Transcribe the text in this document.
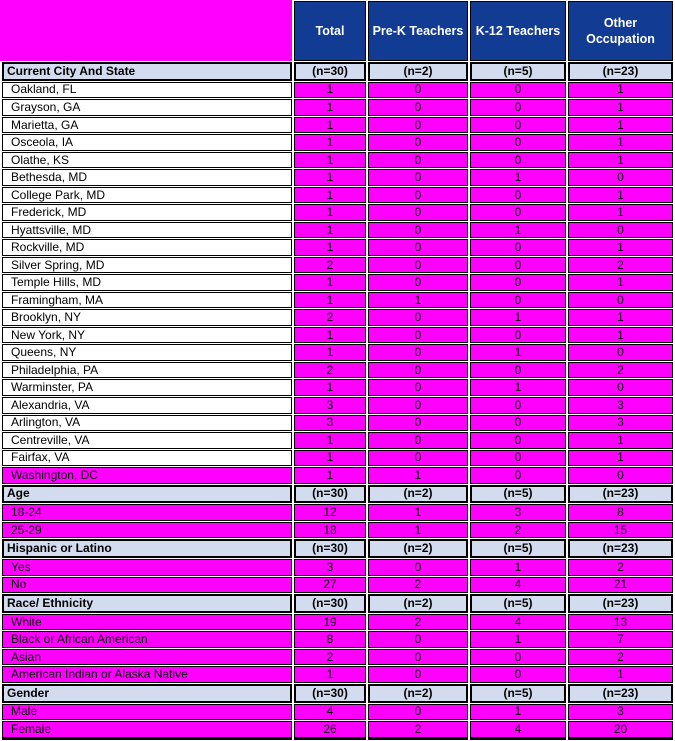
	Total	Pre-K Teachers	K-12 Teachers	Other Occupation
Current City And State	(n=30)	(n=2)	(n=5)	(n=23)
Oakland, FL	1	0	0	1
Grayson, GA	1	0	0	1
Marietta, GA	1	0	0	1
Osceola, IA	1	0	0	1
Olathe, KS	1	0	0	1
Bethesda, MD	1	0	1	0
College Park, MD	1	0	0	1
Frederick, MD	1	0	0	1
Hyattsville, MD	1	0	1	0
Rockville, MD	1	0	0	1
Silver Spring, MD	2	0	0	2
Temple Hills, MD	1	0	0	1
Framingham, MA	1	1	0	0
Brooklyn, NY	2	0	1	1
New York, NY	1	0	0	1
Queens, NY	1	0	1	0
Philadelphia, PA	2	0	0	2
Warminster, PA	1	0	1	0
Alexandria, VA	3	0	0	3
Arlington, VA	3	0	0	3
Centreville, VA	1	0	0	1
Fairfax, VA	1	0	0	1
Washington, DC	1	1	0	0
Age	(n=30)	(n=2)	(n=5)	(n=23)
18-24	12	1	3	8
25-29	18	1	2	15
Hispanic or Latino	(n=30)	(n=2)	(n=5)	(n=23)
Yes	3	0	1	2
No	27	2	4	21
Race/ Ethnicity	(n=30)	(n=2)	(n=5)	(n=23)
White	19	2	4	13
Black or African American	8	0	1	7
Asian	2	0	0	2
American Indian or Alaska Native	1	0	0	1
Gender	(n=30)	(n=2)	(n=5)	(n=23)
Male	4	0	1	3
Female	26	2	4	20
